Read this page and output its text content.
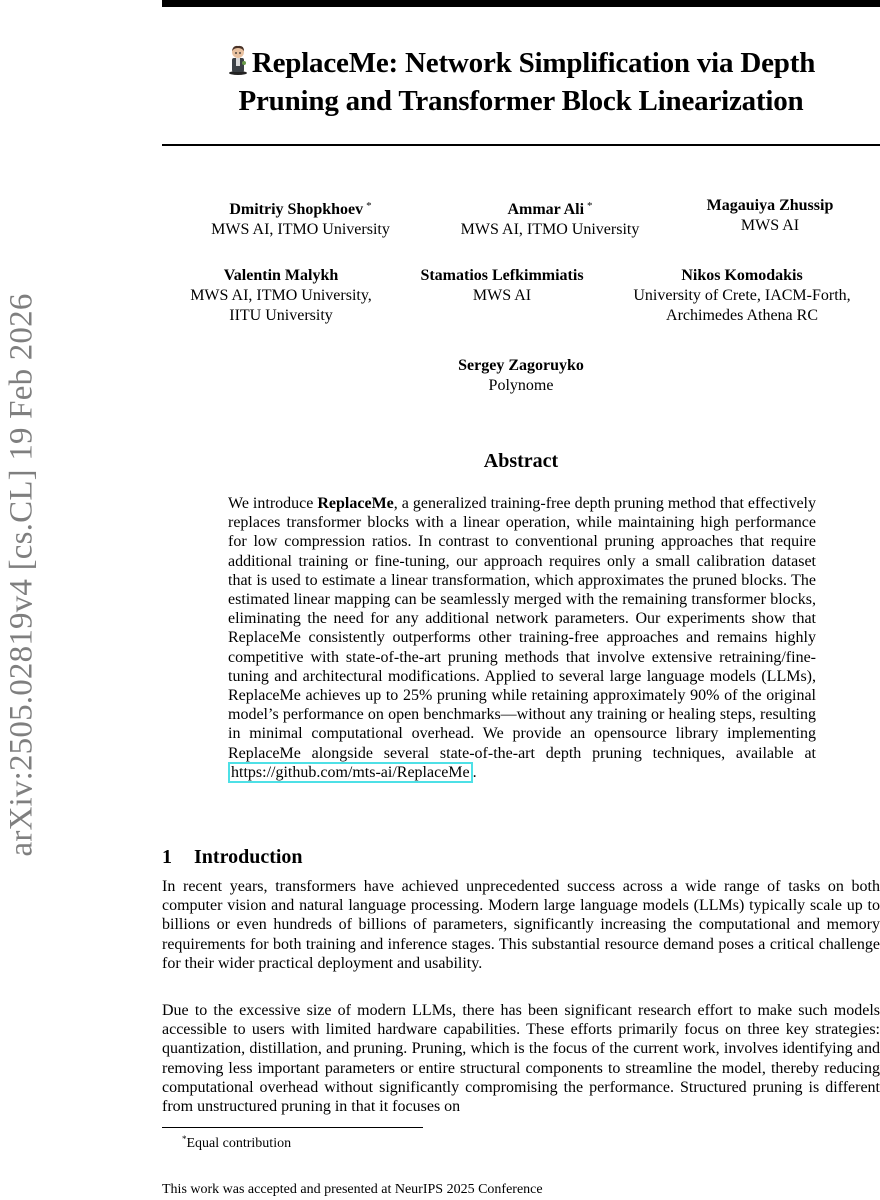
arXiv:2505.02819v4 [cs.CL] 19 Feb 2026
ReplaceMe: Network Simplification via Depth
Pruning and Transformer Block Linearization
Dmitriy Shopkhoev *
MWS AI, ITMO University
Ammar Ali *
MWS AI, ITMO University
Magauiya Zhussip
MWS AI
Valentin Malykh
MWS AI, ITMO University,
IITU University
Stamatios Lefkimmiatis
MWS AI
Nikos Komodakis
University of Crete, IACM-Forth,
Archimedes Athena RC
Sergey Zagoruyko
Polynome
Abstract
We introduce ReplaceMe, a generalized training-free depth pruning method that effectively replaces transformer blocks with a linear operation, while maintaining high performance for low compression ratios. In contrast to conventional pruning approaches that require additional training or fine-tuning, our approach requires only a small calibration dataset that is used to estimate a linear transformation, which approximates the pruned blocks. The estimated linear mapping can be seamlessly merged with the remaining transformer blocks, eliminating the need for any additional network parameters. Our experiments show that ReplaceMe consistently outperforms other training-free approaches and remains highly competitive with state-of-the-art pruning methods that involve extensive retraining/fine-tuning and architectural modifications. Applied to several large language models (LLMs), ReplaceMe achieves up to 25% pruning while retaining approximately 90% of the original model’s performance on open benchmarks—without any training or healing steps, resulting in minimal computational overhead. We provide an opensource library implementing ReplaceMe alongside several state-of-the-art depth pruning techniques, available at https://github.com/mts-ai/ReplaceMe .
1 Introduction
In recent years, transformers have achieved unprecedented success across a wide range of tasks on both computer vision and natural language processing. Modern large language models (LLMs) typically scale up to billions or even hundreds of billions of parameters, significantly increasing the computational and memory requirements for both training and inference stages. This substantial resource demand poses a critical challenge for their wider practical deployment and usability.
Due to the excessive size of modern LLMs, there has been significant research effort to make such models accessible to users with limited hardware capabilities. These efforts primarily focus on three key strategies: quantization, distillation, and pruning. Pruning, which is the focus of the current work, involves identifying and removing less important parameters or entire structural components to streamline the model, thereby reducing computational overhead without significantly compromising the performance. Structured pruning is different from unstructured pruning in that it focuses on
*Equal contribution
This work was accepted and presented at NeurIPS 2025 Conference
